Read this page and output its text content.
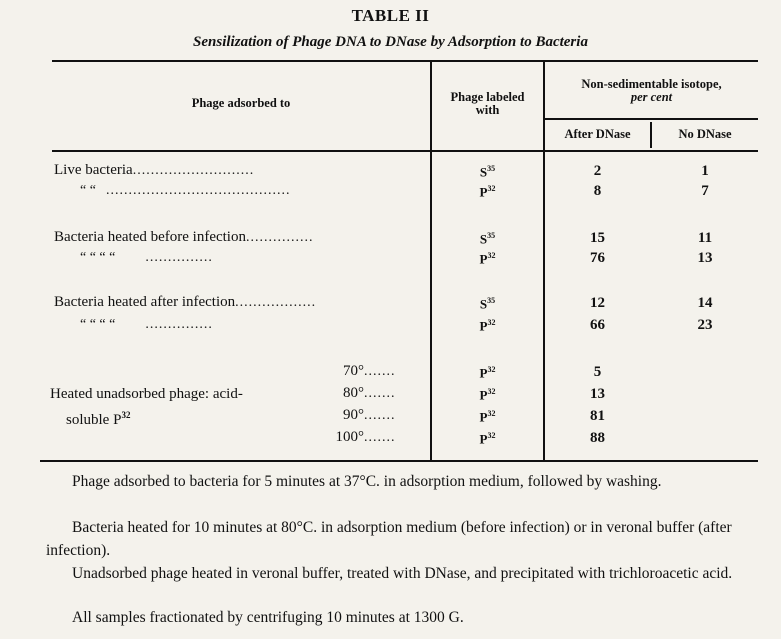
TABLE II
Sensilization of Phage DNA to DNase by Adsorption to Bacteria
Phage adsorbed to	Phage labeled
with
Non-sedimentable isotope,
per cent
After DNase	No DNase
Live bacteria...........................	$S^{35}$	2	1
“ “ .........................................	$P^{32}$	8	7
Bacteria heated before infection...............	$S^{35}$	15	11
“ “ “ “ ...............	$P^{32}$	76	13
Bacteria heated after infection..................	$S^{35}$	12	14
“ “ “ “ ...............	$P^{32}$	66	23
Heated unadsorbed phage: acid-
soluble $P^{32}$
70°.......	$P^{32}$	5
80°.......	$P^{32}$	13
90°.......	$P^{32}$	81
100°.......	$P^{32}$	88
Phage adsorbed to bacteria for 5 minutes at 37°C. in adsorption medium, followed by washing.
Bacteria heated for 10 minutes at 80°C. in adsorption medium (before infection) or in veronal buffer (after infection).
Unadsorbed phage heated in veronal buffer, treated with DNase, and precipitated with trichloroacetic acid.
All samples fractionated by centrifuging 10 minutes at 1300 G.
